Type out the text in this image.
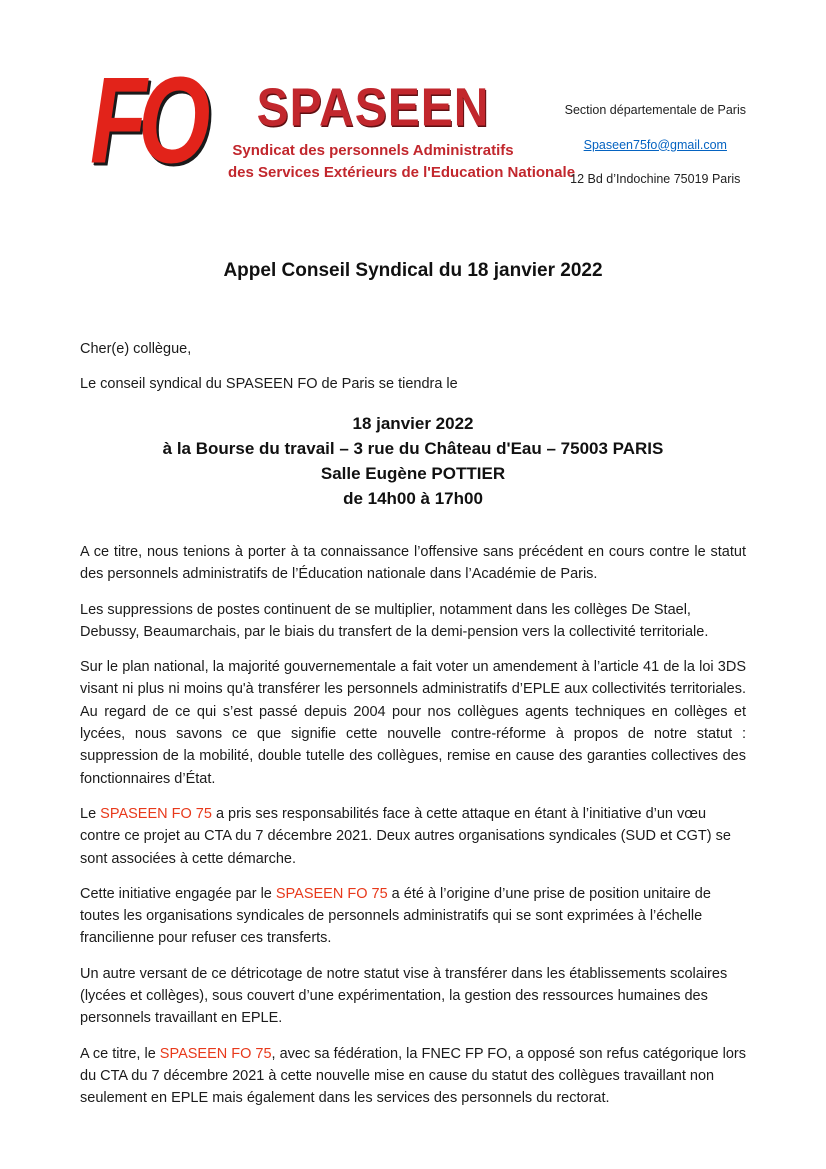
FO	SPASEEN
Syndicat des personnels Administratifs
des Services Extérieurs de l'Education Nationale
Section départementale de Paris
Spaseen75fo@gmail.com
12 Bd d’Indochine 75019 Paris
Appel Conseil Syndical du 18 janvier 2022

Cher(e) collègue,

Le conseil syndical du SPASEEN FO de Paris se tiendra le

18 janvier 2022
à la Bourse du travail – 3 rue du Château d'Eau – 75003 PARIS
Salle Eugène POTTIER
de 14h00 à 17h00

A ce titre, nous tenions à porter à ta connaissance l’offensive sans précédent en cours contre le statut des personnels administratifs de l’Éducation nationale dans l’Académie de Paris.

Les suppressions de postes continuent de se multiplier, notamment dans les collèges De Stael, Debussy, Beaumarchais, par le biais du transfert de la demi-pension vers la collectivité territoriale.

Sur le plan national, la majorité gouvernementale a fait voter un amendement à l’article 41 de la loi 3DS visant ni plus ni moins qu'à transférer les personnels administratifs d’EPLE aux collectivités territoriales. Au regard de ce qui s’est passé depuis 2004 pour nos collègues agents techniques en collèges et lycées, nous savons ce que signifie cette nouvelle contre-réforme à propos de notre statut : suppression de la mobilité, double tutelle des collègues, remise en cause des garanties collectives des fonctionnaires d’État.

Le SPASEEN FO 75 a pris ses responsabilités face à cette attaque en étant à l’initiative d’un vœu contre ce projet au CTA du 7 décembre 2021. Deux autres organisations syndicales (SUD et CGT) se sont associées à cette démarche.

Cette initiative engagée par le SPASEEN FO 75 a été à l’origine d’une prise de position unitaire de toutes les organisations syndicales de personnels administratifs qui se sont exprimées à l’échelle francilienne pour refuser ces transferts.

Un autre versant de ce détricotage de notre statut vise à transférer dans les établissements scolaires (lycées et collèges), sous couvert d’une expérimentation, la gestion des ressources humaines des personnels travaillant en EPLE.

A ce titre, le SPASEEN FO 75, avec sa fédération, la FNEC FP FO, a opposé son refus catégorique lors du CTA du 7 décembre 2021 à cette nouvelle mise en cause du statut des collègues travaillant non seulement en EPLE mais également dans les services des personnels du rectorat.
